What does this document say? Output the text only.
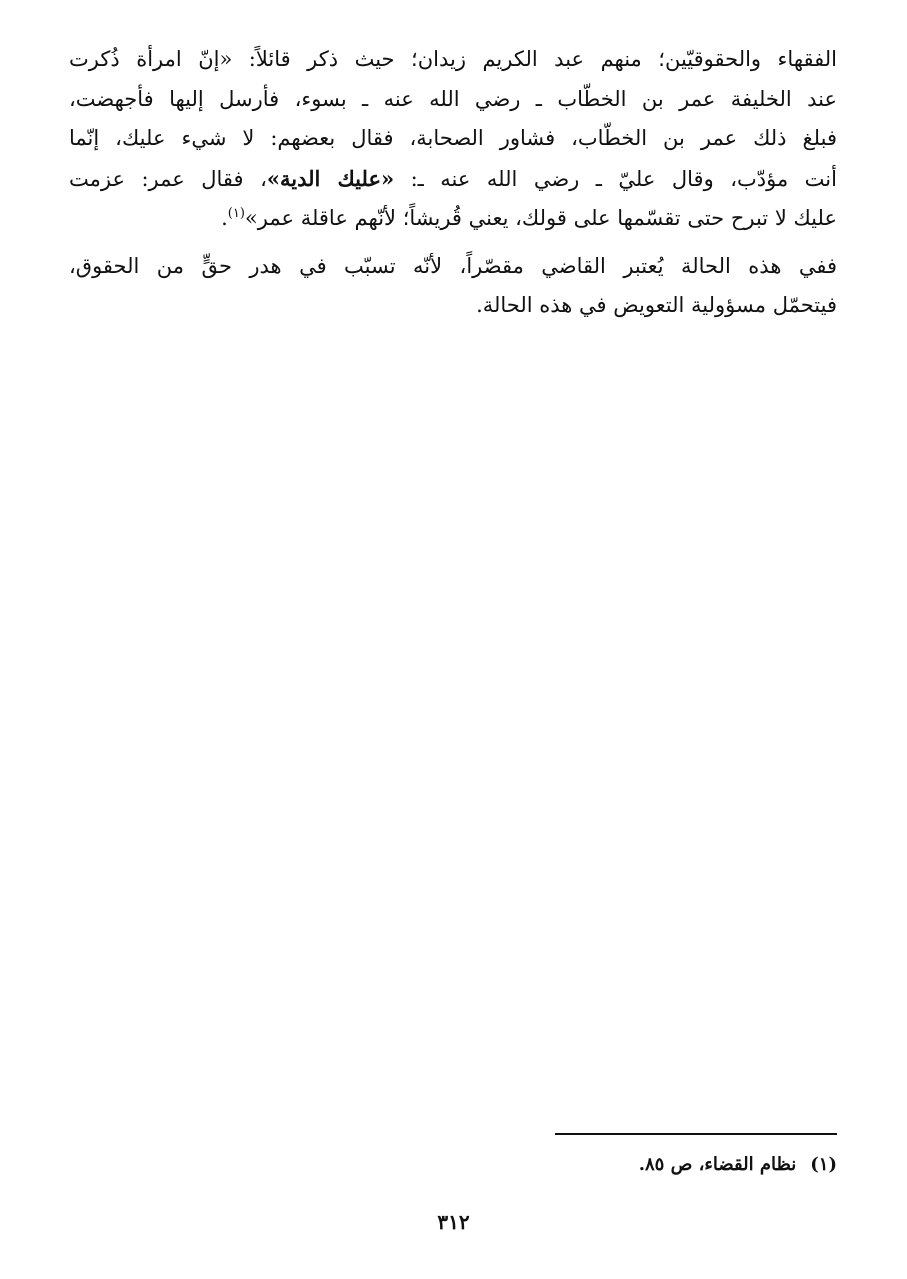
الفقهاء والحقوقيّين؛ منهم عبد الكريم زيدان؛ حيث ذكر قائلاً: «إنّ امرأة ذُكرت
عند الخليفة عمر بن الخطّاب ـ رضي الله عنه ـ بسوء، فأرسل إليها فأجهضت،
فبلغ ذلك عمر بن الخطّاب، فشاور الصحابة، فقال بعضهم: لا شيء عليك، إنّما
أنت مؤدّب، وقال عليّ ـ رضي الله عنه ـ: «عليك الدية»، فقال عمر: عزمت
عليك لا تبرح حتى تقسّمها على قولك، يعني قُريشاً؛ لأنّهم عاقلة عمر»$^{(١)}$.

ففي هذه الحالة يُعتبر القاضي مقصّراً، لأنّه تسبّب في هدر حقٍّ من الحقوق،
فيتحمّل مسؤولية التعويض في هذه الحالة.

(١)نظام القضاء، ص ٨٥.
٣١٢
